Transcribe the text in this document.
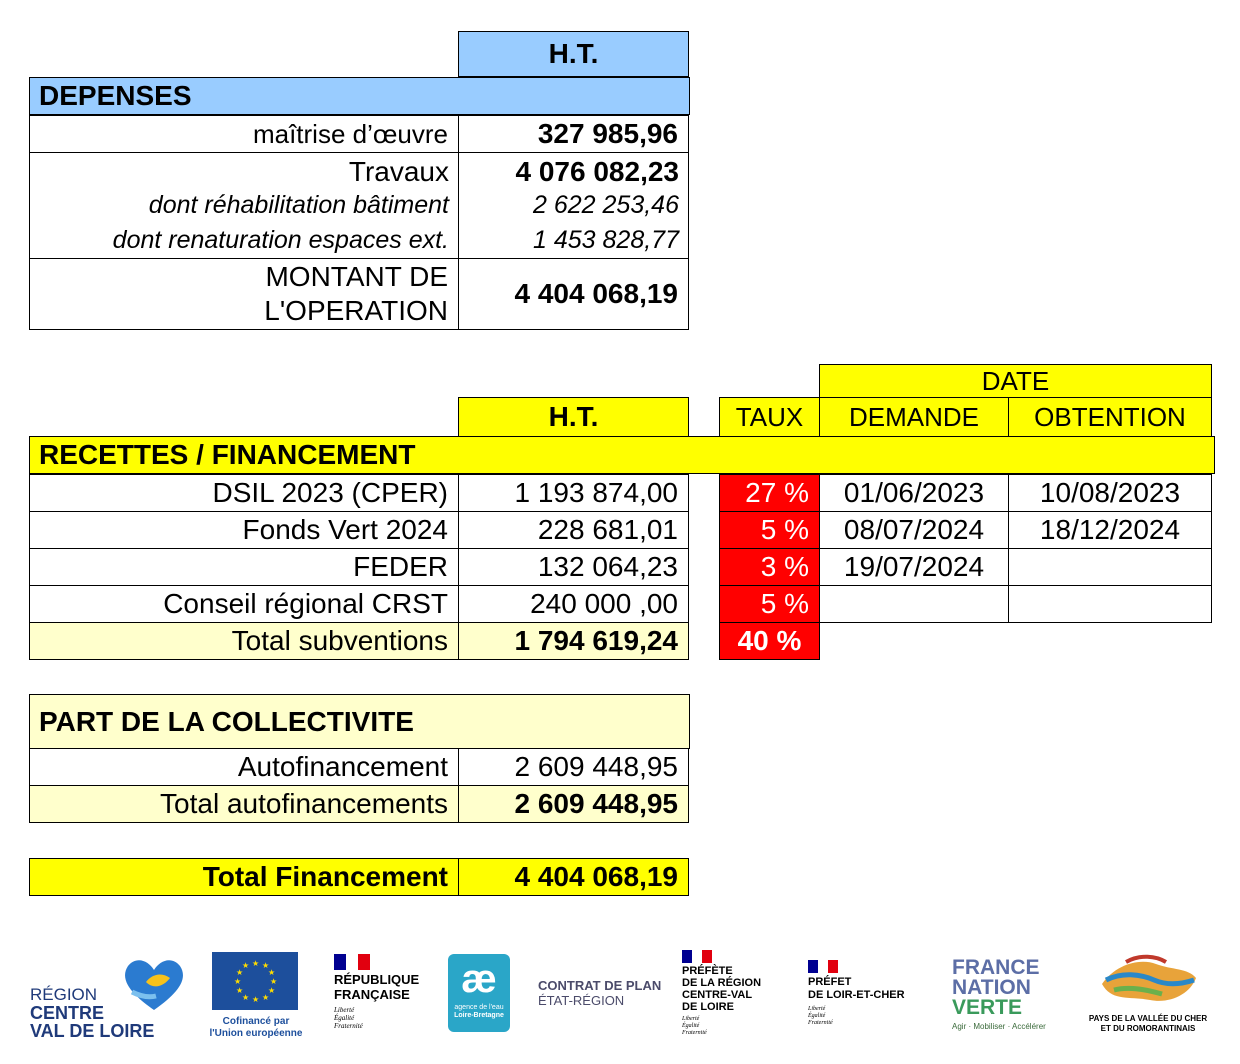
H.T.
DEPENSES
maîtrise d’œuvre	327 985,96
Travaux 4 076 082,23
dont réhabilitation bâtiment	2 622 253,46
dont renaturation espaces ext.	1 453 828,77
MONTANT DE
L'OPERATION
4 404 068,19
DATE
H.T.	TAUX	DEMANDE	OBTENTION
RECETTES / FINANCEMENT
DSIL 2023 (CPER)	1 193 874,00	27 %	01/06/2023	10/08/2023
Fonds Vert 2024	228 681,01	5 %	08/07/2024	18/12/2024
FEDER	132 064,23	3 %	19/07/2024
Conseil régional CRST	240 000 ,00	5 %
Total subventions	1 794 619,24	40 %
PART DE LA COLLECTIVITE
Autofinancement	2 609 448,95
Total autofinancements	2 609 448,95
Total Financement	4 404 068,19
RÉGION
CENTRE
VAL DE LOIRE
★ ★
★
★
★
★
★
★
★
★
★
★
Cofinancé par
l'Union européenne
RÉPUBLIQUE
FRANÇAISE
Liberté
Égalité
Fraternité
æ
agence de l'eau
Loire-Bretagne
CONTRAT DE PLAN
ÉTAT-RÉGION
PRÉFÈTE
DE LA RÉGION
CENTRE-VAL
DE LOIRE
Liberté
Égalité
Fraternité
PRÉFET
DE LOIR-ET-CHER
Liberté
Égalité
Fraternité
FRANCE
NATION
VERTE
Agir · Mobiliser · Accélérer
PAYS DE LA VALLÉE DU CHER
ET DU ROMORANTINAIS
